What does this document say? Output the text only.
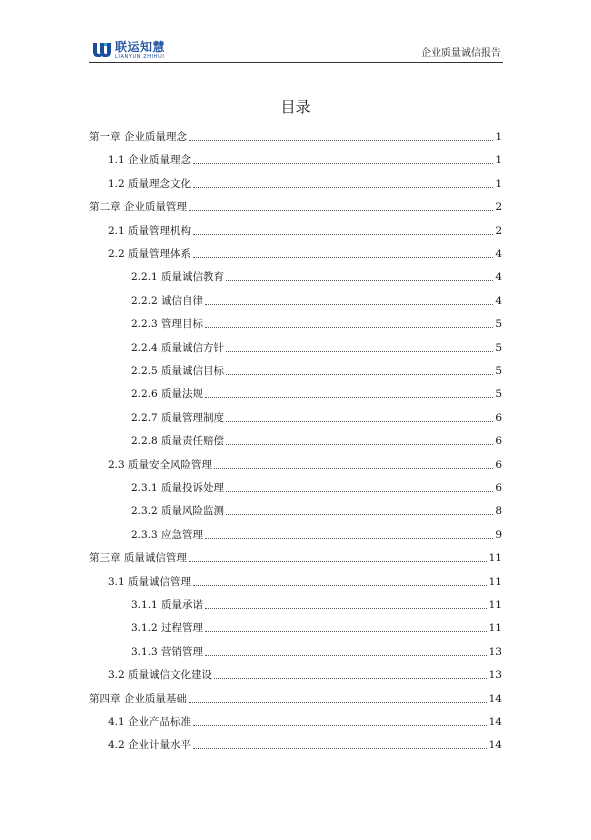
联运知慧
LIANYUN ZHIHUI	企业质量诚信报告
目录
第一章 企业质量理念	1
1.1 企业质量理念	1
1.2 质量理念文化	1
第二章 企业质量管理	2
2.1 质量管理机构	2
2.2 质量管理体系	4
2.2.1 质量诚信教育	4
2.2.2 诚信自律	4
2.2.3 管理目标	5
2.2.4 质量诚信方针	5
2.2.5 质量诚信目标	5
2.2.6 质量法规	5
2.2.7 质量管理制度	6
2.2.8 质量责任赔偿	6
2.3 质量安全风险管理	6
2.3.1 质量投诉处理	6
2.3.2 质量风险监测	8
2.3.3 应急管理	9
第三章 质量诚信管理	11
3.1 质量诚信管理	11
3.1.1 质量承诺	11
3.1.2 过程管理	11
3.1.3 营销管理	13
3.2 质量诚信文化建设	13
第四章 企业质量基础	14
4.1 企业产品标准	14
4.2 企业计量水平	14
